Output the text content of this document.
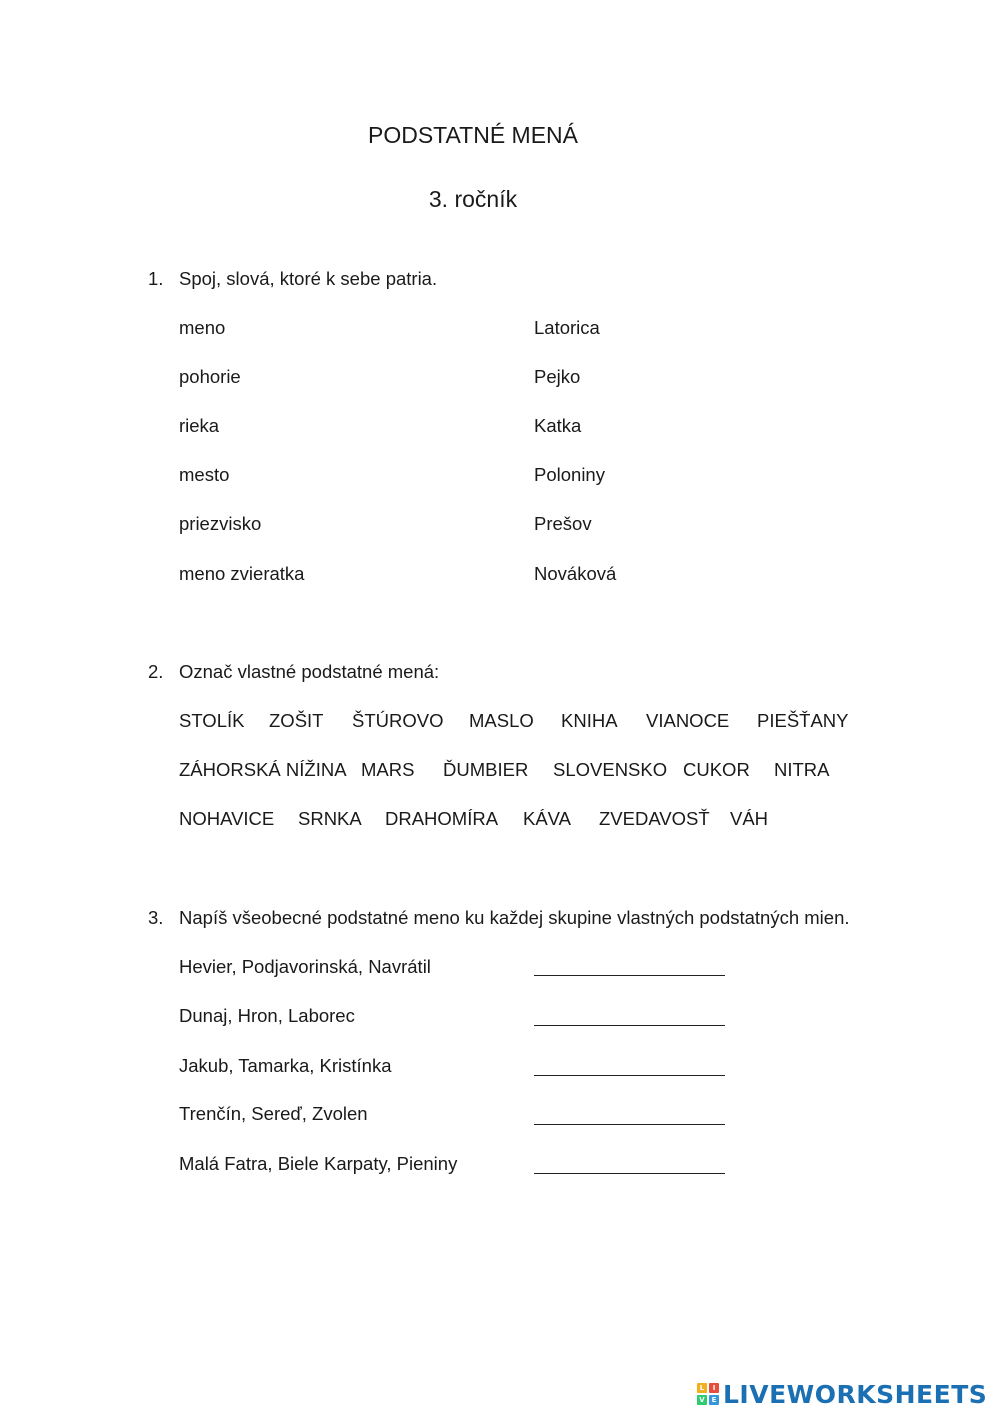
PODSTATNÉ MENÁ
3. ročník
1. Spoj, slová, ktoré k sebe patria.
meno
pohorie
rieka
mesto
priezvisko
meno zvieratka
Latorica
Pejko
Katka
Poloniny
Prešov
Nováková
2. Označ vlastné podstatné mená:
STOLÍK ZOŠIT ŠTÚROVO MASLO KNIHA VIANOCE PIEŠŤANY
ZÁHORSKÁ NÍŽINA MARS ĎUMBIER SLOVENSKO CUKOR NITRA
NOHAVICE SRNKA DRAHOMÍRA KÁVA ZVEDAVOSŤ VÁH
3. Napíš všeobecné podstatné meno ku každej skupine vlastných podstatných mien.
Hevier, Podjavorinská, Navrátil
Dunaj, Hron, Laborec
Jakub, Tamarka, Kristínka
Trenčín, Sereď, Zvolen
Malá Fatra, Biele Karpaty, Pieniny
L	I
V E LIVEWORKSHEETS
